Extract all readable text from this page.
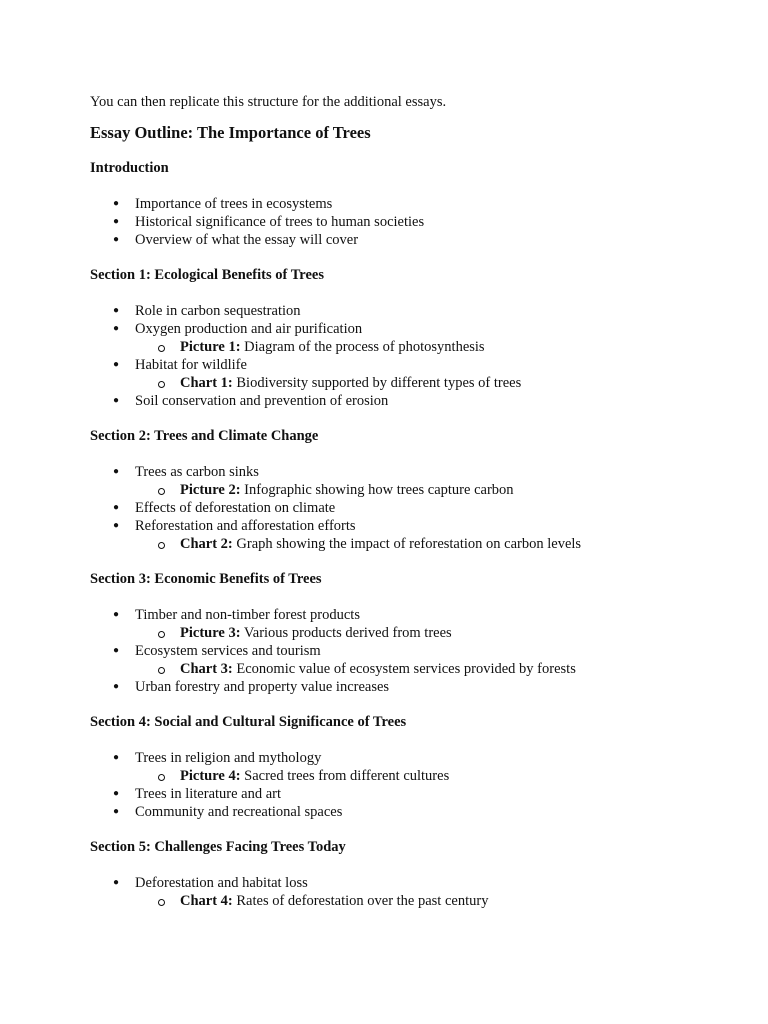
You can then replicate this structure for the additional essays.

Essay Outline: The Importance of Trees
Introduction
● Importance of trees in ecosystems
● Historical significance of trees to human societies
● Overview of what the essay will cover
Section 1: Ecological Benefits of Trees
● Role in carbon sequestration
● Oxygen production and air purification
Picture 1: Diagram of the process of photosynthesis
● Habitat for wildlife
Chart 1: Biodiversity supported by different types of trees
● Soil conservation and prevention of erosion
Section 2: Trees and Climate Change
● Trees as carbon sinks
Picture 2: Infographic showing how trees capture carbon
● Effects of deforestation on climate
● Reforestation and afforestation efforts
Chart 2: Graph showing the impact of reforestation on carbon levels
Section 3: Economic Benefits of Trees
● Timber and non-timber forest products
Picture 3: Various products derived from trees
● Ecosystem services and tourism
Chart 3: Economic value of ecosystem services provided by forests
● Urban forestry and property value increases
Section 4: Social and Cultural Significance of Trees
● Trees in religion and mythology
Picture 4: Sacred trees from different cultures
● Trees in literature and art
● Community and recreational spaces
Section 5: Challenges Facing Trees Today
● Deforestation and habitat loss
Chart 4: Rates of deforestation over the past century
